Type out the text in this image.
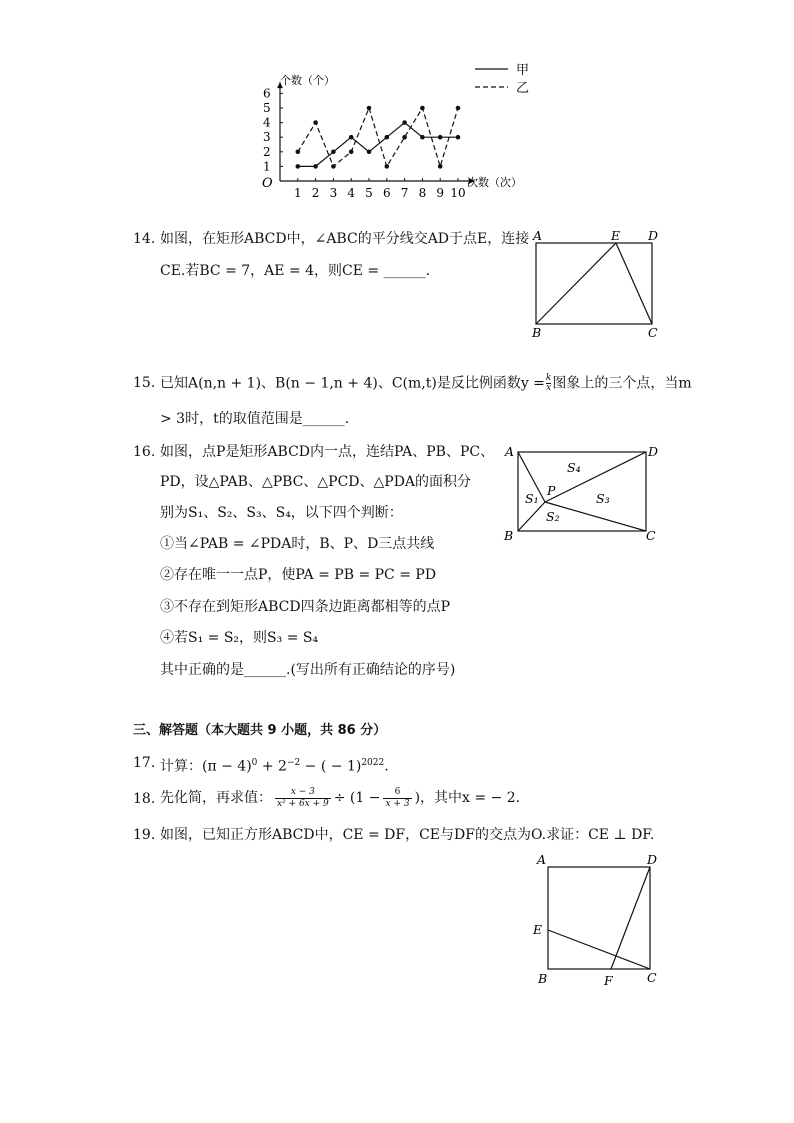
O
个数（个）
次数（次）
1
2
3
4
5
6
1 2 3 4 5 6 7 8 9 10
甲
乙
14. 如图，在矩形ABCD中，∠ABC的平分线交AD于点E，连接
CE.若BC = 7，AE = 4，则CE = ______.
A	E D
B	C
15. 已知A(n,n + 1)、B(n − 1,n + 4)、C(m,t)是反比例函数$y = \frac{k}{x}$ 图象上的三个点，当m
> 3时，t的取值范围是______.
16. 如图，点P是矩形ABCD内一点，连结PA、PB、PC、
PD，设△PAB、△PBC、△PCD、△PDA的面积分
别为S₁、S₂、S₃、S₄，以下四个判断：
①当∠PAB = ∠PDA时，B、P、D三点共线
②存在唯一一点P，使PA = PB = PC = PD
③不存在到矩形ABCD四条边距离都相等的点P
④若S₁ = S₂，则S₃ = S₄
其中正确的是______.(写出所有正确结论的序号)
A	D
B	C
P
S₁
S₂
S₃
S₄
三、解答题（本大题共 9 小题，共 86 分）
17. 计算：$(\pi - 4)^0 + 2^{-2}$ − ( − 1)$^{2022}$.
18. 先化简，再求值： $\frac{x - 3}{\text{x² + 6x + 9}} \div (1 - \frac{6}{x + 3}$ )，其中x = − 2.
19. 如图，已知正方形ABCD中，CE = DF，CE与DF的交点为O.求证：CE ⊥ DF.
A	D
E
B	F	C
